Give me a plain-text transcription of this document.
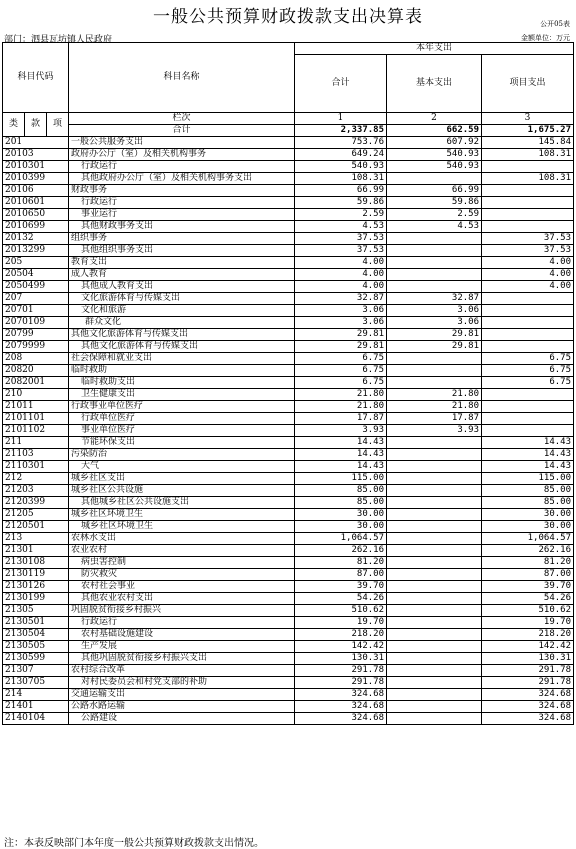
一般公共预算财政拨款支出决算表	公开05表
部门：泗县瓦坊镇人民政府	金额单位：万元
科目代码			科目名称	本年支出		
				合计	基本支出	项目支出

类	款	项	栏次	1	2	3
			合计	2,337.85	662.59	1,675.27
201			一般公共服务支出	753.76	607.92	145.84
20103			政府办公厅（室）及相关机构事务	649.24	540.93	108.31
2010301			行政运行	540.93	540.93	
2010399			其他政府办公厅（室）及相关机构事务支出	108.31		108.31
20106			财政事务	66.99	66.99	
2010601			行政运行	59.86	59.86	
2010650			事业运行	2.59	2.59	
2010699			其他财政事务支出	4.53	4.53	
20132			组织事务	37.53		37.53
2013299			其他组织事务支出	37.53		37.53
205			教育支出	4.00		4.00
20504			成人教育	4.00		4.00
2050499			其他成人教育支出	4.00		4.00
207			文化旅游体育与传媒支出	32.87	32.87	
20701			文化和旅游	3.06	3.06	
2070109			群众文化	3.06	3.06	
20799			其他文化旅游体育与传媒支出	29.81	29.81	
2079999			其他文化旅游体育与传媒支出	29.81	29.81	
208			社会保障和就业支出	6.75		6.75
20820			临时救助	6.75		6.75
2082001			临时救助支出	6.75		6.75
210			卫生健康支出	21.80	21.80	
21011			行政事业单位医疗	21.80	21.80	
2101101			行政单位医疗	17.87	17.87	
2101102			事业单位医疗	3.93	3.93	
211			节能环保支出	14.43		14.43
21103			污染防治	14.43		14.43
2110301			大气	14.43		14.43
212			城乡社区支出	115.00		115.00
21203			城乡社区公共设施	85.00		85.00
2120399			其他城乡社区公共设施支出	85.00		85.00
21205			城乡社区环境卫生	30.00		30.00
2120501			城乡社区环境卫生	30.00		30.00
213			农林水支出	1,064.57		1,064.57
21301			农业农村	262.16		262.16
2130108			病虫害控制	81.20		81.20
2130119			防灾救灾	87.00		87.00
2130126			农村社会事业	39.70		39.70
2130199			其他农业农村支出	54.26		54.26
21305			巩固脱贫衔接乡村振兴	510.62		510.62
2130501			行政运行	19.70		19.70
2130504			农村基础设施建设	218.20		218.20
2130505			生产发展	142.42		142.42
2130599			其他巩固脱贫衔接乡村振兴支出	130.31		130.31
21307			农村综合改革	291.78		291.78
2130705			对村民委员会和村党支部的补助	291.78		291.78
214			交通运输支出	324.68		324.68
21401			公路水路运输	324.68		324.68
2140104			公路建设	324.68		324.68
注：本表反映部门本年度一般公共预算财政拨款支出情况。
